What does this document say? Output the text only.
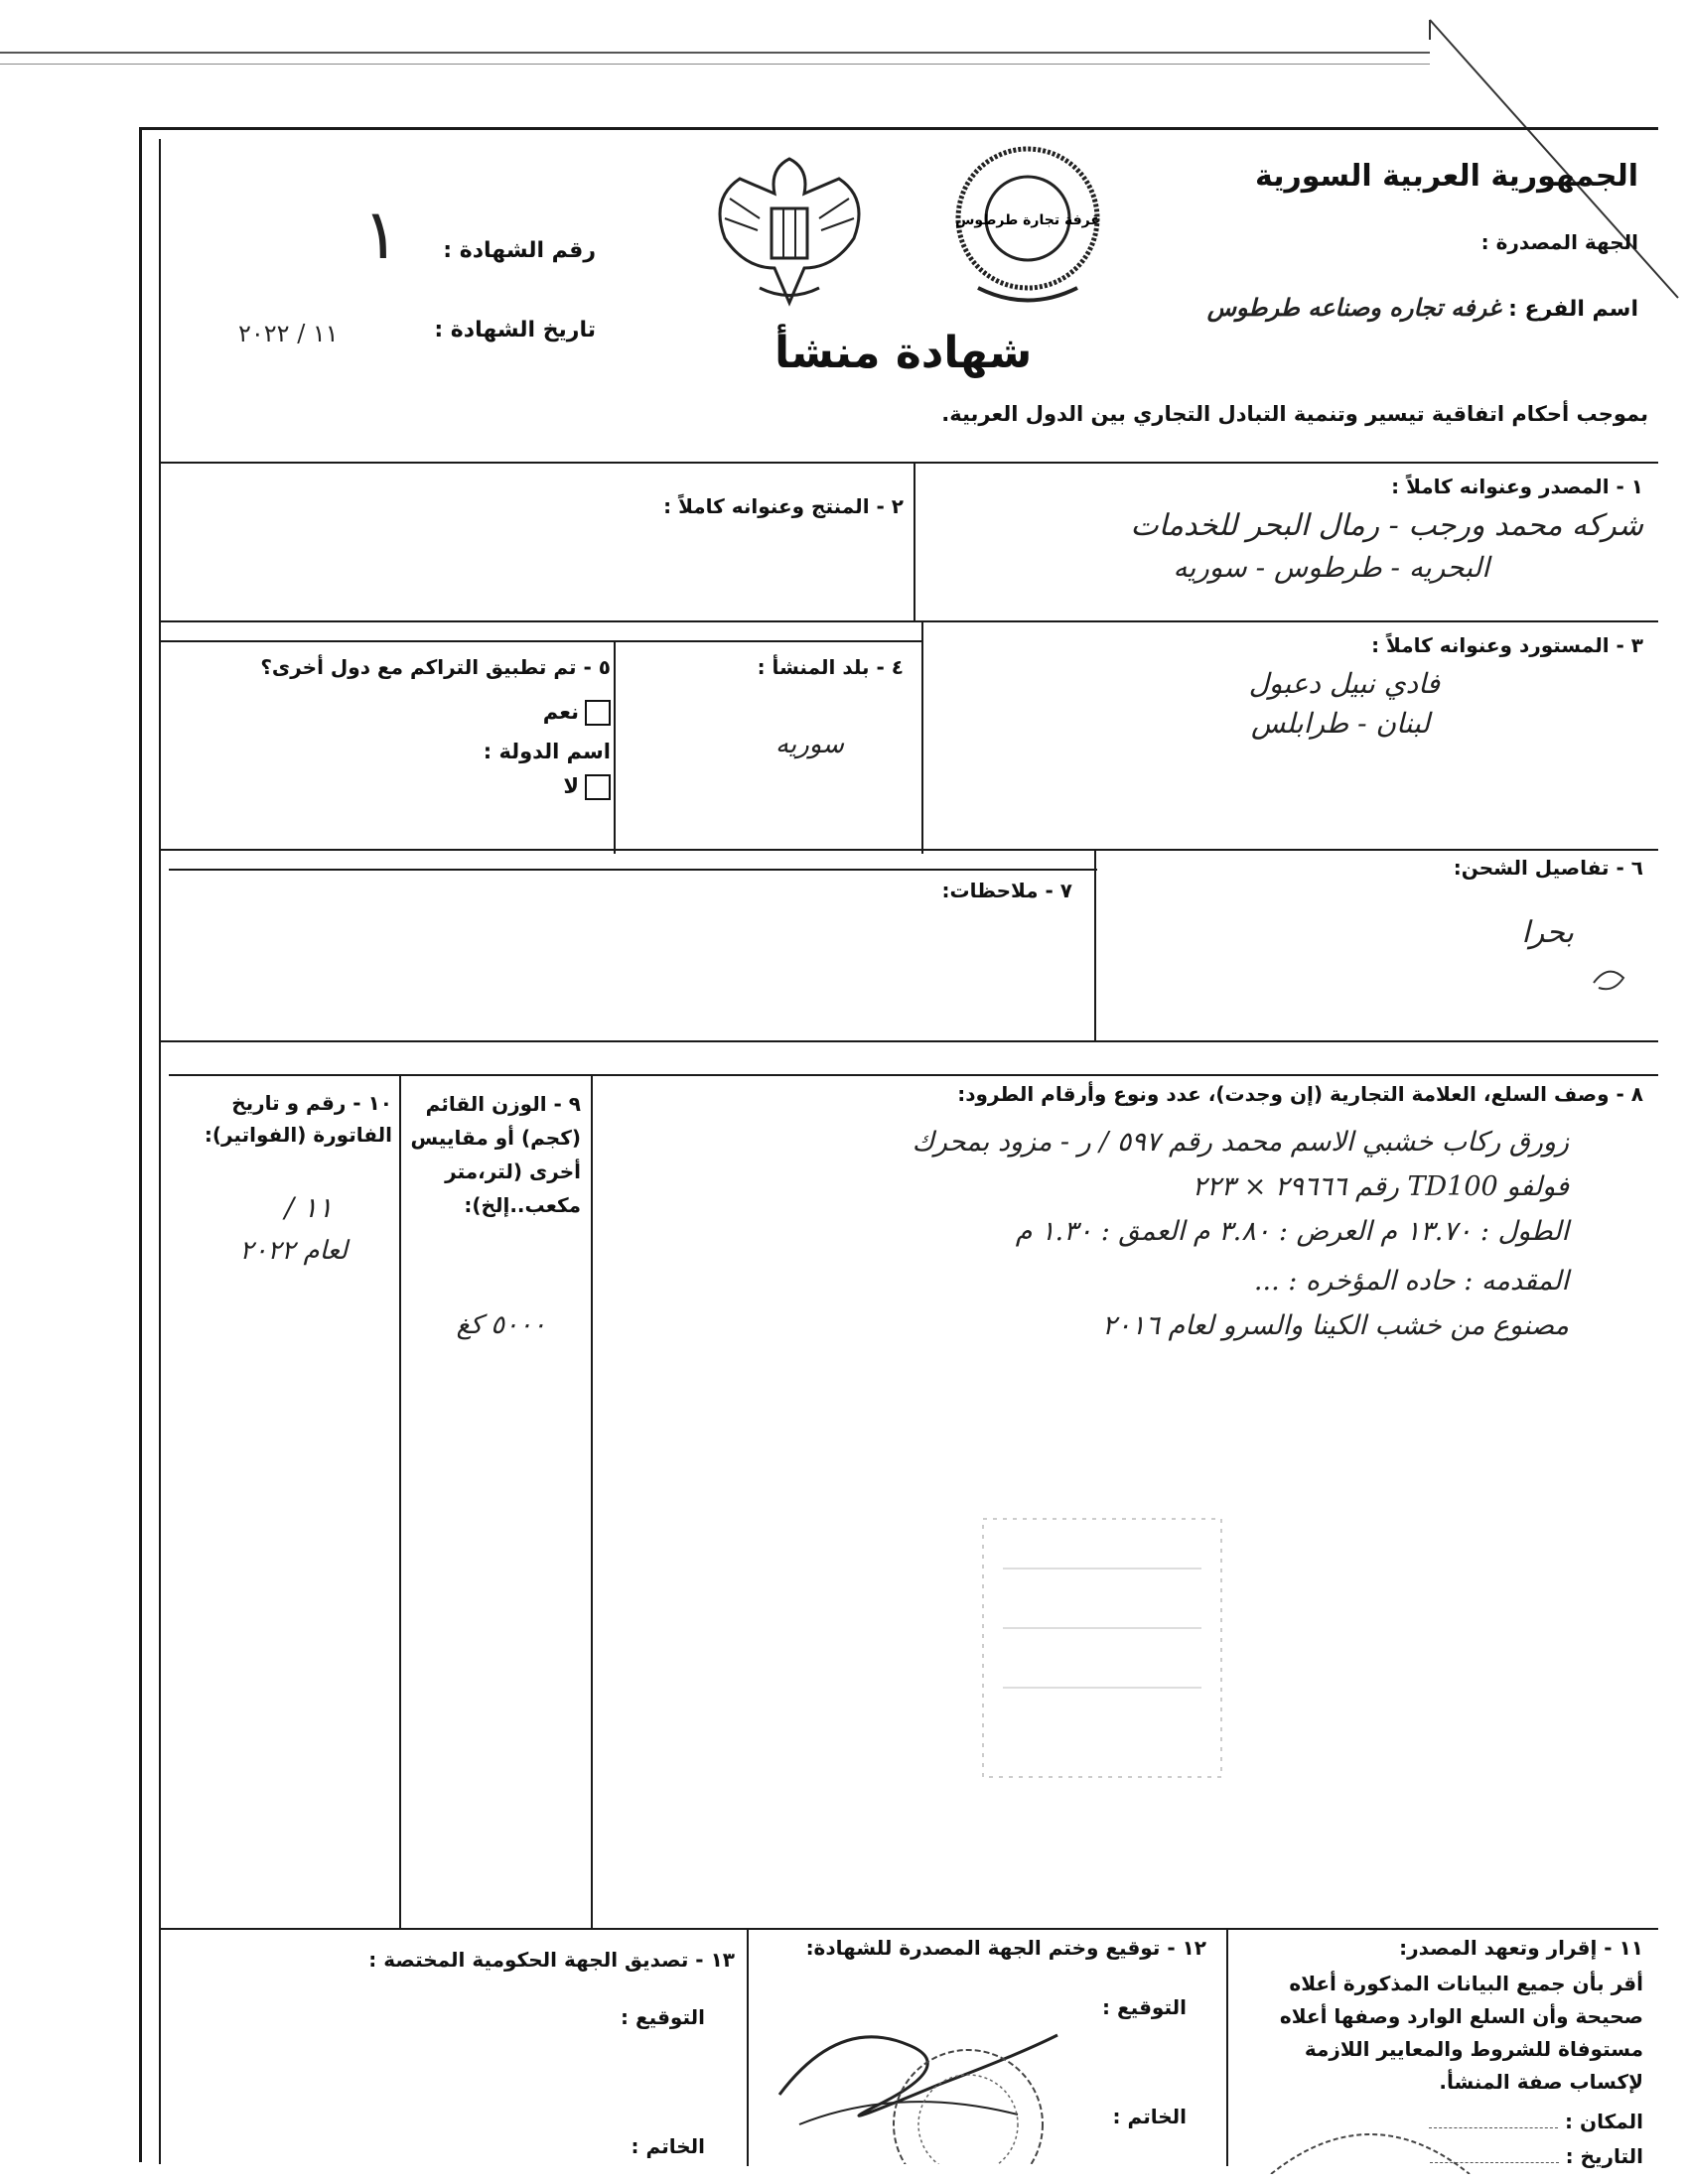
الجمهورية العربية السورية
الجهة المصدرة :
اسم الفرع : غرفه تجاره وصناعه طرطوس
غرفة تجارة طرطوس
شهادة منشأ
رقم الشهادة :
١
تاريخ الشهادة :
١١ / ٢٠٢٢
بموجب أحكام اتفاقية تيسير وتنمية التبادل التجاري بين الدول العربية.
١ - المصدر وعنوانه كاملاً :
شركه محمد ورجب - رمال البحر للخدمات
البحريه - طرطوس - سوريه
٢ - المنتج وعنوانه كاملاً :
٣ - المستورد وعنوانه كاملاً :
فادي نبيل دعبول
لبنان - طرابلس
٤ - بلد المنشأ :
سوريه
٥ - تم تطبيق التراكم مع دول أخرى؟
نعم
اسم الدولة :
لا
٦ - تفاصيل الشحن:
بحرا
٧ - ملاحظات:
٨ - وصف السلع، العلامة التجارية (إن وجدت)، عدد ونوع وأرقام الطرود:
زورق ركاب خشبي الاسم محمد رقم ٥٩٧ / ر - مزود بمحرك
فولفو TD100 رقم ٢٩٦٦٦ × ٢٢٣
الطول : ١٣.٧٠ م العرض : ٣.٨٠ م العمق : ١.٣٠ م
المقدمه : حاده المؤخره : ...
مصنوع من خشب الكينا والسرو لعام ٢٠١٦
٩ - الوزن القائم (كجم) أو مقاييس أخرى (لتر،متر مكعب..إلخ):
٥٠٠٠ كغ
١٠ - رقم و تاريخ الفاتورة (الفواتير):
١١ /
لعام ٢٠٢٢
١١ - إقرار وتعهد المصدر:
أقر بأن جميع البيانات المذكورة أعلاه صحيحة وأن السلع الوارد وصفها أعلاه مستوفاة للشروط والمعايير اللازمة لإكساب صفة المنشأ.
المكان :
التاريخ :
١٢ - توقيع وختم الجهة المصدرة للشهادة:
التوقيع :
الخاتم :
١٣ - تصديق الجهة الحكومية المختصة :
التوقيع :
الخاتم :
